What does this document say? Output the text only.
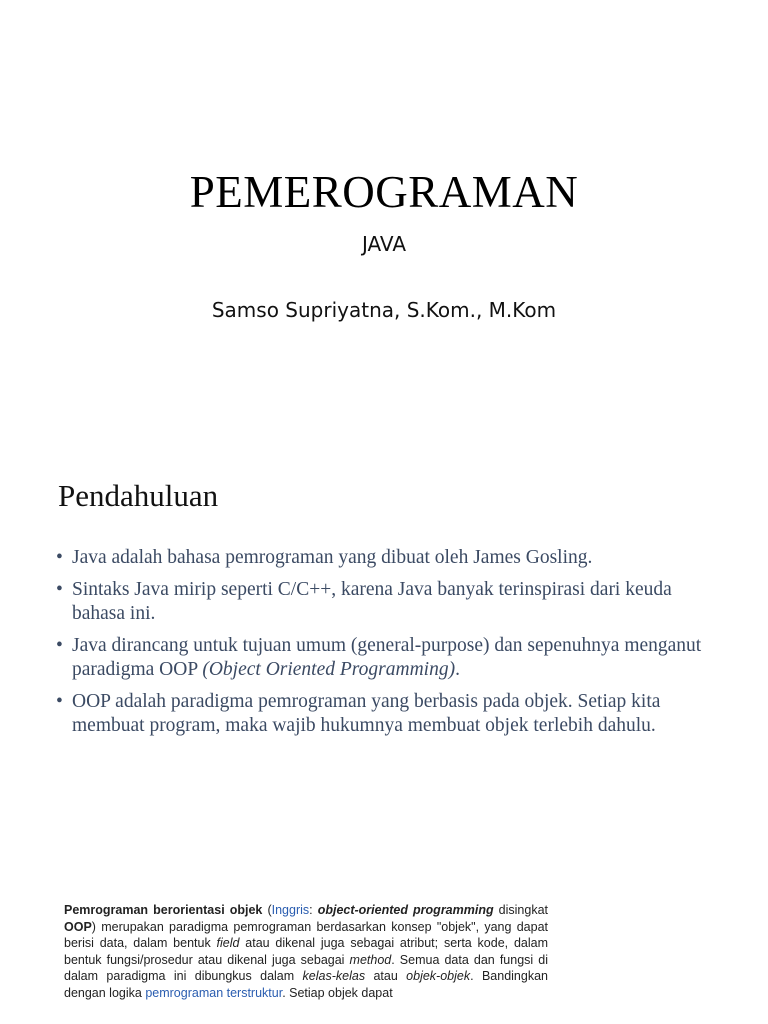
PEMEROGRAMAN
JAVA
Samso Supriyatna, S.Kom., M.Kom
Pendahuluan
• Java adalah bahasa pemrograman yang dibuat oleh James Gosling.
• Sintaks Java mirip seperti C/C++, karena Java banyak terinspirasi dari keuda bahasa ini.
• Java dirancang untuk tujuan umum (general-purpose) dan sepenuhnya menganut paradigma OOP (Object Oriented Programming).
• OOP adalah paradigma pemrograman yang berbasis pada objek. Setiap kita membuat program, maka wajib hukumnya membuat objek terlebih dahulu.
Pemrograman berorientasi objek (Inggris: object-oriented programming disingkat OOP) merupakan paradigma pemrograman berdasarkan konsep "objek", yang dapat berisi data, dalam bentuk field atau dikenal juga sebagai atribut; serta kode, dalam bentuk fungsi/prosedur atau dikenal juga sebagai method. Semua data dan fungsi di dalam paradigma ini dibungkus dalam kelas-kelas atau objek-objek. Bandingkan dengan logika pemrograman terstruktur. Setiap objek dapat
